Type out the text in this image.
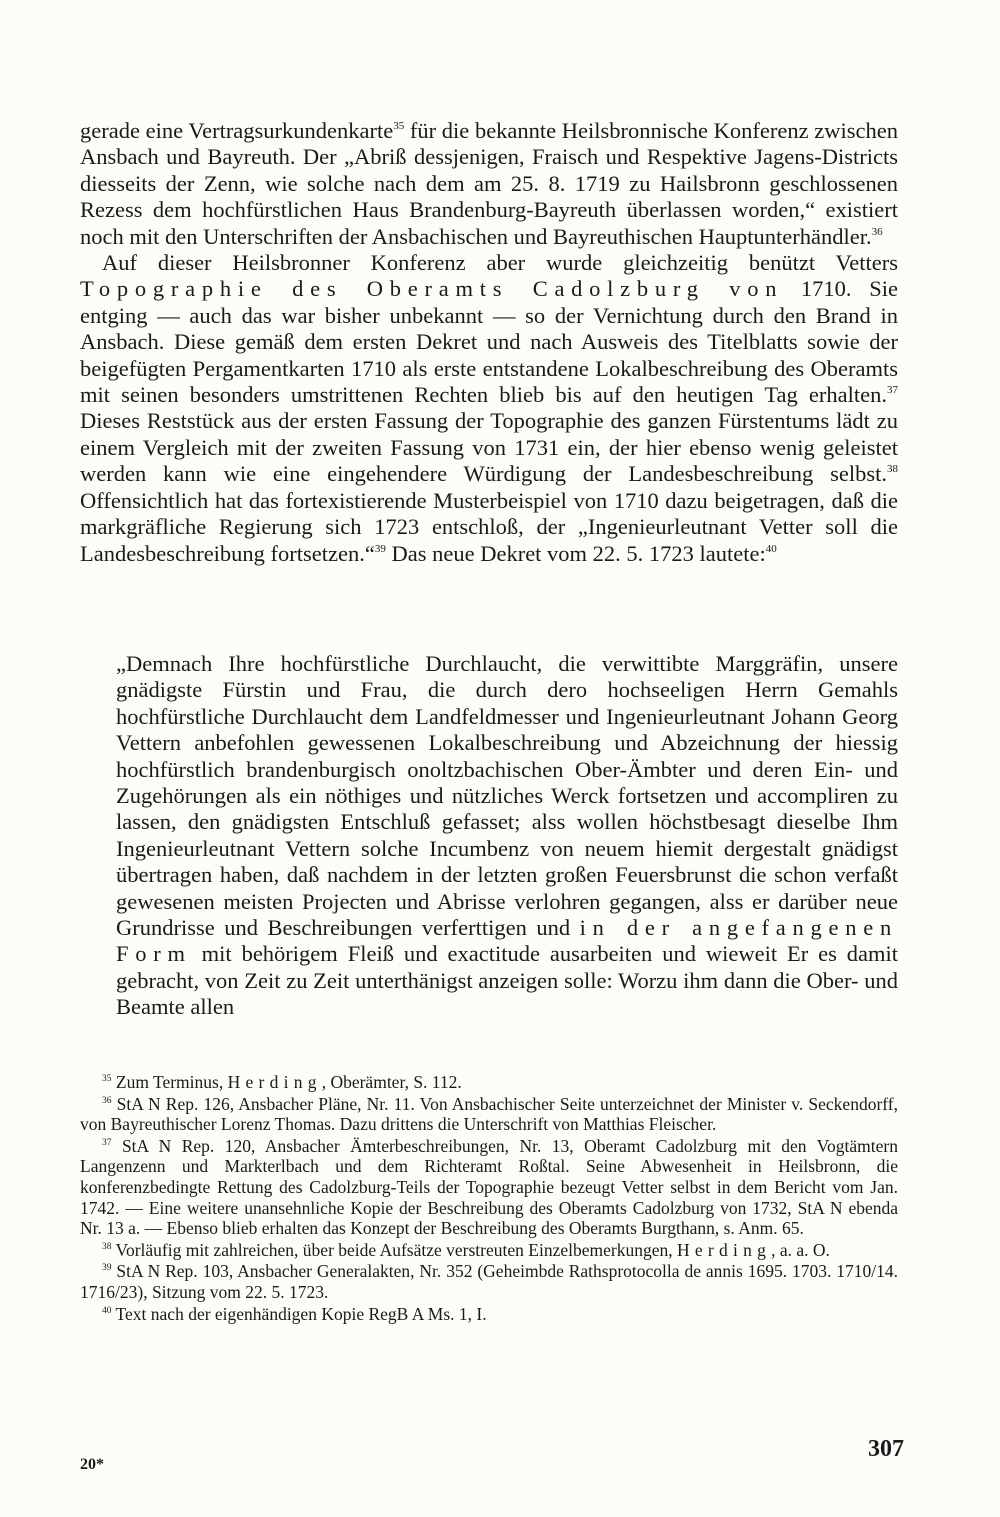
gerade eine Vertragsurkundenkarte$^{35}$ für die bekannte Heilsbronnische Konferenz zwischen Ansbach und Bayreuth. Der „Abriß dessjenigen, Fraisch und Respektive Jagens-Districts diesseits der Zenn, wie solche nach dem am 25. 8. 1719 zu Hailsbronn geschlossenen Rezess dem hochfürstlichen Haus Brandenburg-Bayreuth überlassen worden,“ existiert noch mit den Unterschriften der Ansbachischen und Bayreuthischen Hauptunterhändler.$^{36}$

Auf dieser Heilsbronner Konferenz aber wurde gleichzeitig benützt Vetters Topographie des Oberamts Cadolzburg von 1710. Sie entging — auch das war bisher unbekannt — so der Vernichtung durch den Brand in Ansbach. Diese gemäß dem ersten Dekret und nach Ausweis des Titelblatts sowie der beigefügten Pergamentkarten 1710 als erste entstandene Lokalbeschreibung des Oberamts mit seinen besonders umstrittenen Rechten blieb bis auf den heutigen Tag erhalten.$^{37}$ Dieses Reststück aus der ersten Fassung der Topographie des ganzen Fürstentums lädt zu einem Vergleich mit der zweiten Fassung von 1731 ein, der hier ebenso wenig geleistet werden kann wie eine eingehendere Würdigung der Landesbeschreibung selbst.$^{38}$ Offensichtlich hat das fortexistierende Musterbeispiel von 1710 dazu beigetragen, daß die markgräfliche Regierung sich 1723 entschloß, der „Ingenieurleutnant Vetter soll die Landesbeschreibung fortsetzen.“$^{39}$ Das neue Dekret vom 22. 5. 1723 lautete:$^{40}$

„Demnach Ihre hochfürstliche Durchlaucht, die verwittibte Marggräfin, unsere gnädigste Fürstin und Frau, die durch dero hochseeligen Herrn Gemahls hochfürstliche Durchlaucht dem Landfeldmesser und Ingenieurleutnant Johann Georg Vettern anbefohlen gewessenen Lokalbeschreibung und Abzeichnung der hiessig hochfürstlich brandenburgisch onoltzbachischen Ober-Ämbter und deren Ein- und Zugehörungen als ein nöthiges und nützliches Werck fortsetzen und accompliren zu lassen, den gnädigsten Entschluß gefasset; alss wollen höchstbesagt dieselbe Ihm Ingenieurleutnant Vettern solche Incumbenz von neuem hiemit dergestalt gnädigst übertragen haben, daß nachdem in der letzten großen Feuersbrunst die schon verfaßt gewesenen meisten Projecten und Abrisse verlohren gegangen, alss er darüber neue Grundrisse und Beschreibungen verferttigen und in der angefangenen Form mit behörigem Fleiß und exactitude ausarbeiten und wieweit Er es damit gebracht, von Zeit zu Zeit unterthänigst anzeigen solle: Worzu ihm dann die Ober- und Beamte allen

$^{35}$ Zum Terminus, Herding, Oberämter, S. 112.

$^{36}$ StA N Rep. 126, Ansbacher Pläne, Nr. 11. Von Ansbachischer Seite unterzeichnet der Minister v. Seckendorff, von Bayreuthischer Lorenz Thomas. Dazu drittens die Unterschrift von Matthias Fleischer.

$^{37}$ StA N Rep. 120, Ansbacher Ämterbeschreibungen, Nr. 13, Oberamt Cadolzburg mit den Vogtämtern Langenzenn und Markterlbach und dem Richteramt Roßtal. Seine Abwesenheit in Heilsbronn, die konferenzbedingte Rettung des Cadolzburg-Teils der Topographie bezeugt Vetter selbst in dem Bericht vom Jan. 1742. — Eine weitere unansehnliche Kopie der Beschreibung des Oberamts Cadolzburg von 1732, StA N ebenda Nr. 13 a. — Ebenso blieb erhalten das Konzept der Beschreibung des Oberamts Burgthann, s. Anm. 65.

$^{38}$ Vorläufig mit zahlreichen, über beide Aufsätze verstreuten Einzelbemerkungen, Herding, a. a. O.

$^{39}$ StA N Rep. 103, Ansbacher Generalakten, Nr. 352 (Geheimbde Rathsprotocolla de annis 1695. 1703. 1710/14. 1716/23), Sitzung vom 22. 5. 1723.

$^{40}$ Text nach der eigenhändigen Kopie RegB A Ms. 1, I.

20*
307
